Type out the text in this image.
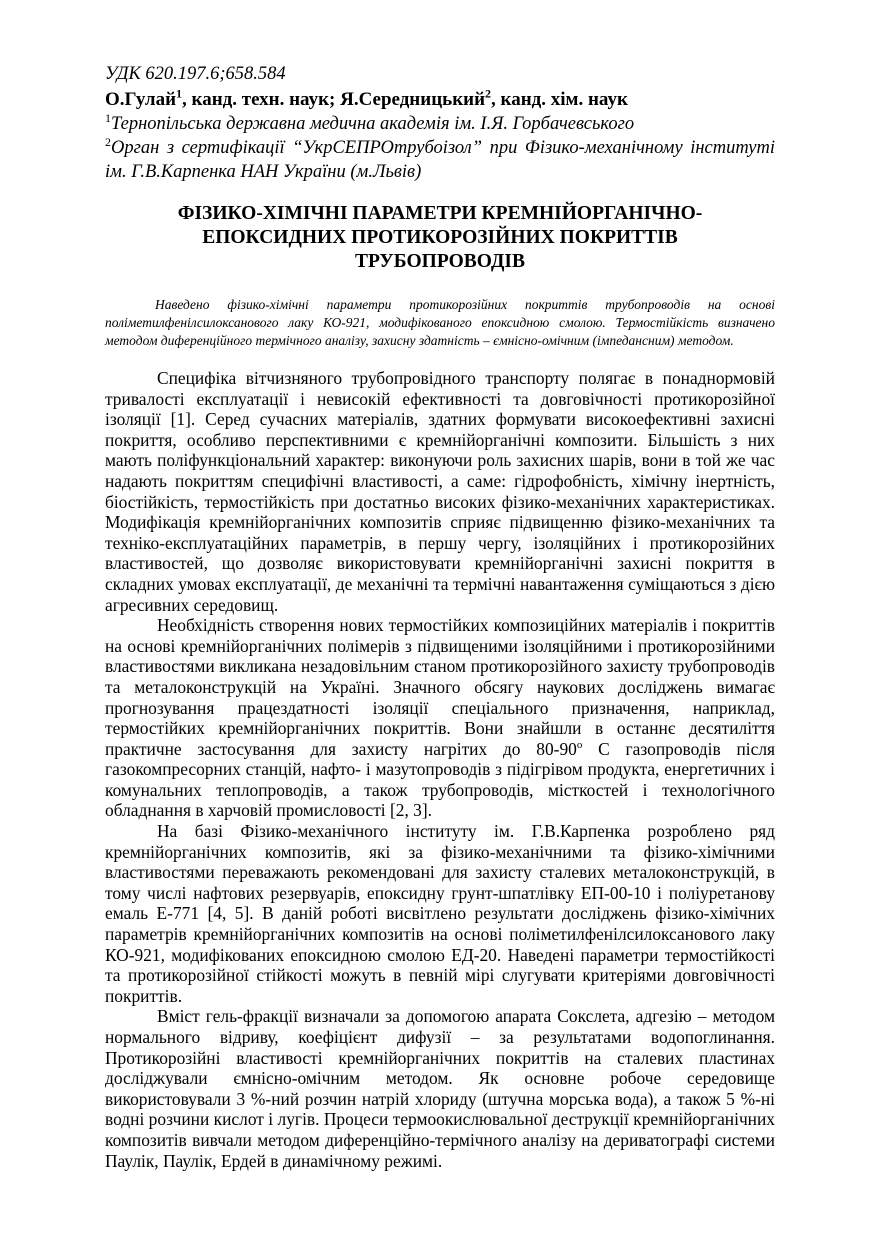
УДК 620.197.6;658.584

О.Гулай$^1$, канд. техн. наук; Я.Середницький$^2$, канд. хім. наук

$^1$Тернопільська державна медична академія ім. І.Я. Горбачевського

$^2$Орган з сертифікації “УкрСЕПРОтрубоізол” при Фізико-механічному інституті ім. Г.В.Карпенка НАН України (м.Львів)

ФІЗИКО-ХІМІЧНІ ПАРАМЕТРИ КРЕМНІЙОРГАНІЧНО-
ЕПОКСИДНИХ ПРОТИКОРОЗІЙНИХ ПОКРИТТІВ
ТРУБОПРОВОДІВ

Наведено фізико-хімічні параметри протикорозійних покриттів трубопроводів на основі поліметилфенілсилоксанового лаку КО-921, модифікованого епоксидною смолою. Термостійкість визначено методом диференційного термічного аналізу, захисну здатність – ємнісно-омічним (імпедансним) методом.

Специфіка вітчизняного трубопровідного транспорту полягає в понаднормовій тривалості експлуатації і невисокій ефективності та довговічності протикорозійної ізоляції [1]. Серед сучасних матеріалів, здатних формувати високоефективні захисні покриття, особливо перспективними є кремнійорганічні композити. Більшість з них мають поліфункціональний характер: виконуючи роль захисних шарів, вони в той же час надають покриттям специфічні властивості, а саме: гідрофобність, хімічну інертність, біостійкість, термостійкість при достатньо високих фізико-механічних характеристиках. Модифікація кремнійорганічних композитів сприяє підвищенню фізико-механічних та техніко-експлуатаційних параметрів, в першу чергу, ізоляційних і протикорозійних властивостей, що дозволяє використовувати кремнійорганічні захисні покриття в складних умовах експлуатації, де механічні та термічні навантаження суміщаються з дією агресивних середовищ.

Необхідність створення нових термостійких композиційних матеріалів і покриттів на основі кремнійорганічних полімерів з підвищеними ізоляційними і протикорозійними властивостями викликана незадовільним станом протикорозійного захисту трубопроводів та металоконструкцій на Україні. Значного обсягу наукових досліджень вимагає прогнозування працездатності ізоляції спеціального призначення, наприклад, термостійких кремнійорганічних покриттів. Вони знайшли в останнє десятиліття практичне застосування для захисту нагрітих до $80-90^о$ С газопроводів після газокомпресорних станцій, нафто- і мазутопроводів з підігрівом продукта, енергетичних і комунальних теплопроводів, а також трубопроводів, місткостей і технологічного обладнання в харчовій промисловості [2, 3].

На базі Фізико-механічного інституту ім. Г.В.Карпенка розроблено ряд кремнійорганічних композитів, які за фізико-механічними та фізико-хімічними властивостями переважають рекомендовані для захисту сталевих металоконструкцій, в тому числі нафтових резервуарів, епоксидну грунт-шпатлівку ЕП-00-10 і поліуретанову емаль Е-771 [4, 5]. В даній роботі висвітлено результати досліджень фізико-хімічних параметрів кремнійорганічних композитів на основі поліметилфенілсилоксанового лаку КО-921, модифікованих епоксидною смолою ЕД-20. Наведені параметри термостійкості та протикорозійної стійкості можуть в певній мірі слугувати критеріями довговічності покриттів.

Вміст гель-фракції визначали за допомогою апарата Сокслета, адгезію – методом нормального відриву, коефіцієнт дифузії – за результатами водопоглинання. Протикорозійні властивості кремнійорганічних покриттів на сталевих пластинах досліджували ємнісно-омічним методом. Як основне робоче середовище використовували 3 %-ний розчин натрій хлориду (штучна морська вода), а також 5 %-ні водні розчини кислот і лугів. Процеси термоокислювальної деструкції кремнійорганічних композитів вивчали методом диференційно-термічного аналізу на дериватографі системи Паулік, Паулік, Ердей в динамічному режимі.
